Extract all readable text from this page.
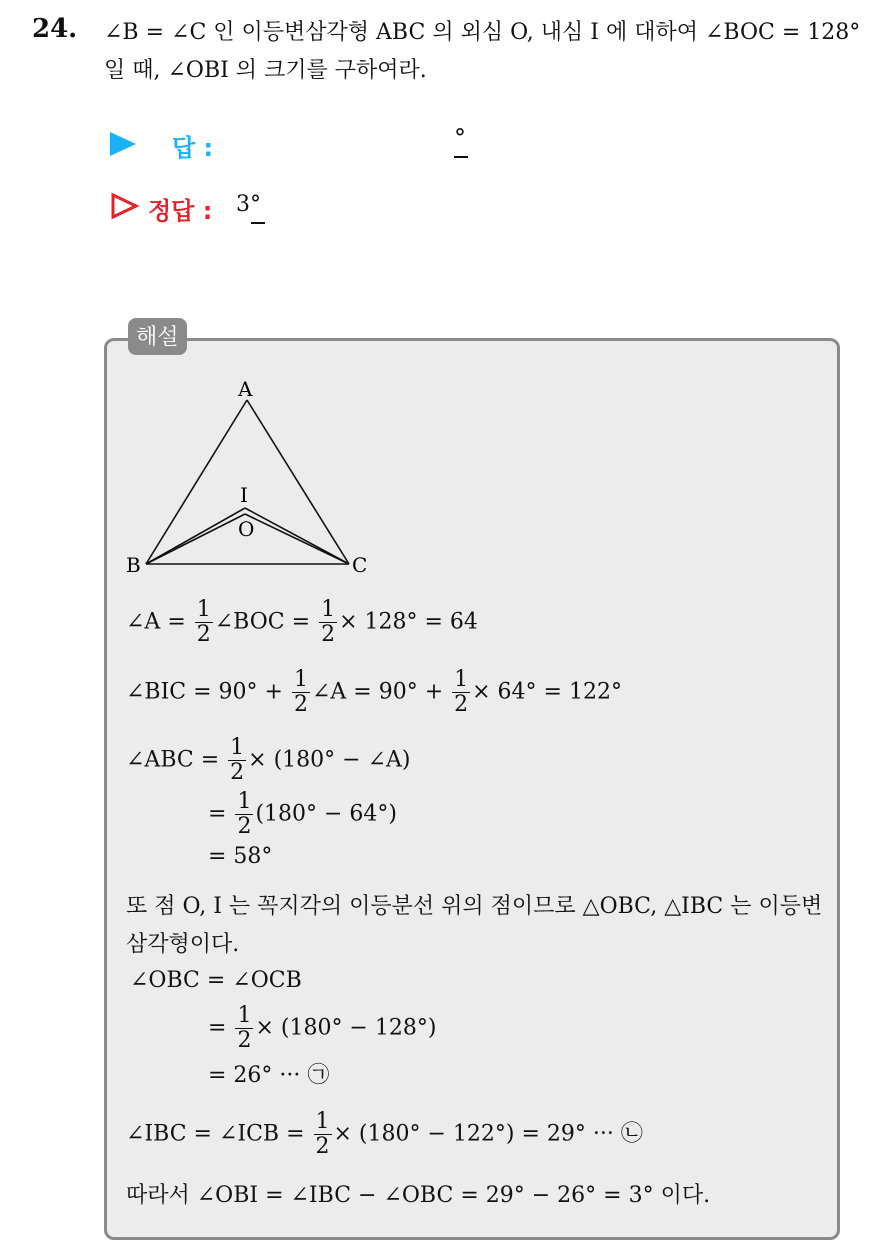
24. ∠B = ∠C 인 이등변삼각형 ABC 의 외심 O, 내심 I 에 대하여 ∠BOC = 128° 일 때, ∠OBI 의 크기를 구하여라.
답 :	°
정답 : 3°
해설
A
B	C
I
O
∠A = $\frac{1}{2}$ ∠BOC = $\frac{1}{2} \times 128^\circ = 64$
∠BIC = $90^\circ + \frac{1}{2}$ ∠A = $90^\circ + \frac{1}{2} \times 64^\circ = 122^\circ$
∠ABC = $\frac{1}{2} \times (180^\circ$ − ∠A)
= $\frac{1}{2} (180^\circ - 64^\circ)$
= 58°
또 점 O, I 는 꼭지각의 이등분선 위의 점이므로 △OBC, △IBC 는 이등변삼각형이다.
∠OBC = ∠OCB
= $\frac{1}{2} \times (180^\circ - 128^\circ)$
= 26° ··· ㉠
∠IBC = ∠ICB = $\frac{1}{2} \times (180^\circ - 122^\circ) = 29^\circ$ ··· ㉡
따라서 ∠OBI = ∠IBC − ∠OBC = 29° − 26° = 3° 이다.
